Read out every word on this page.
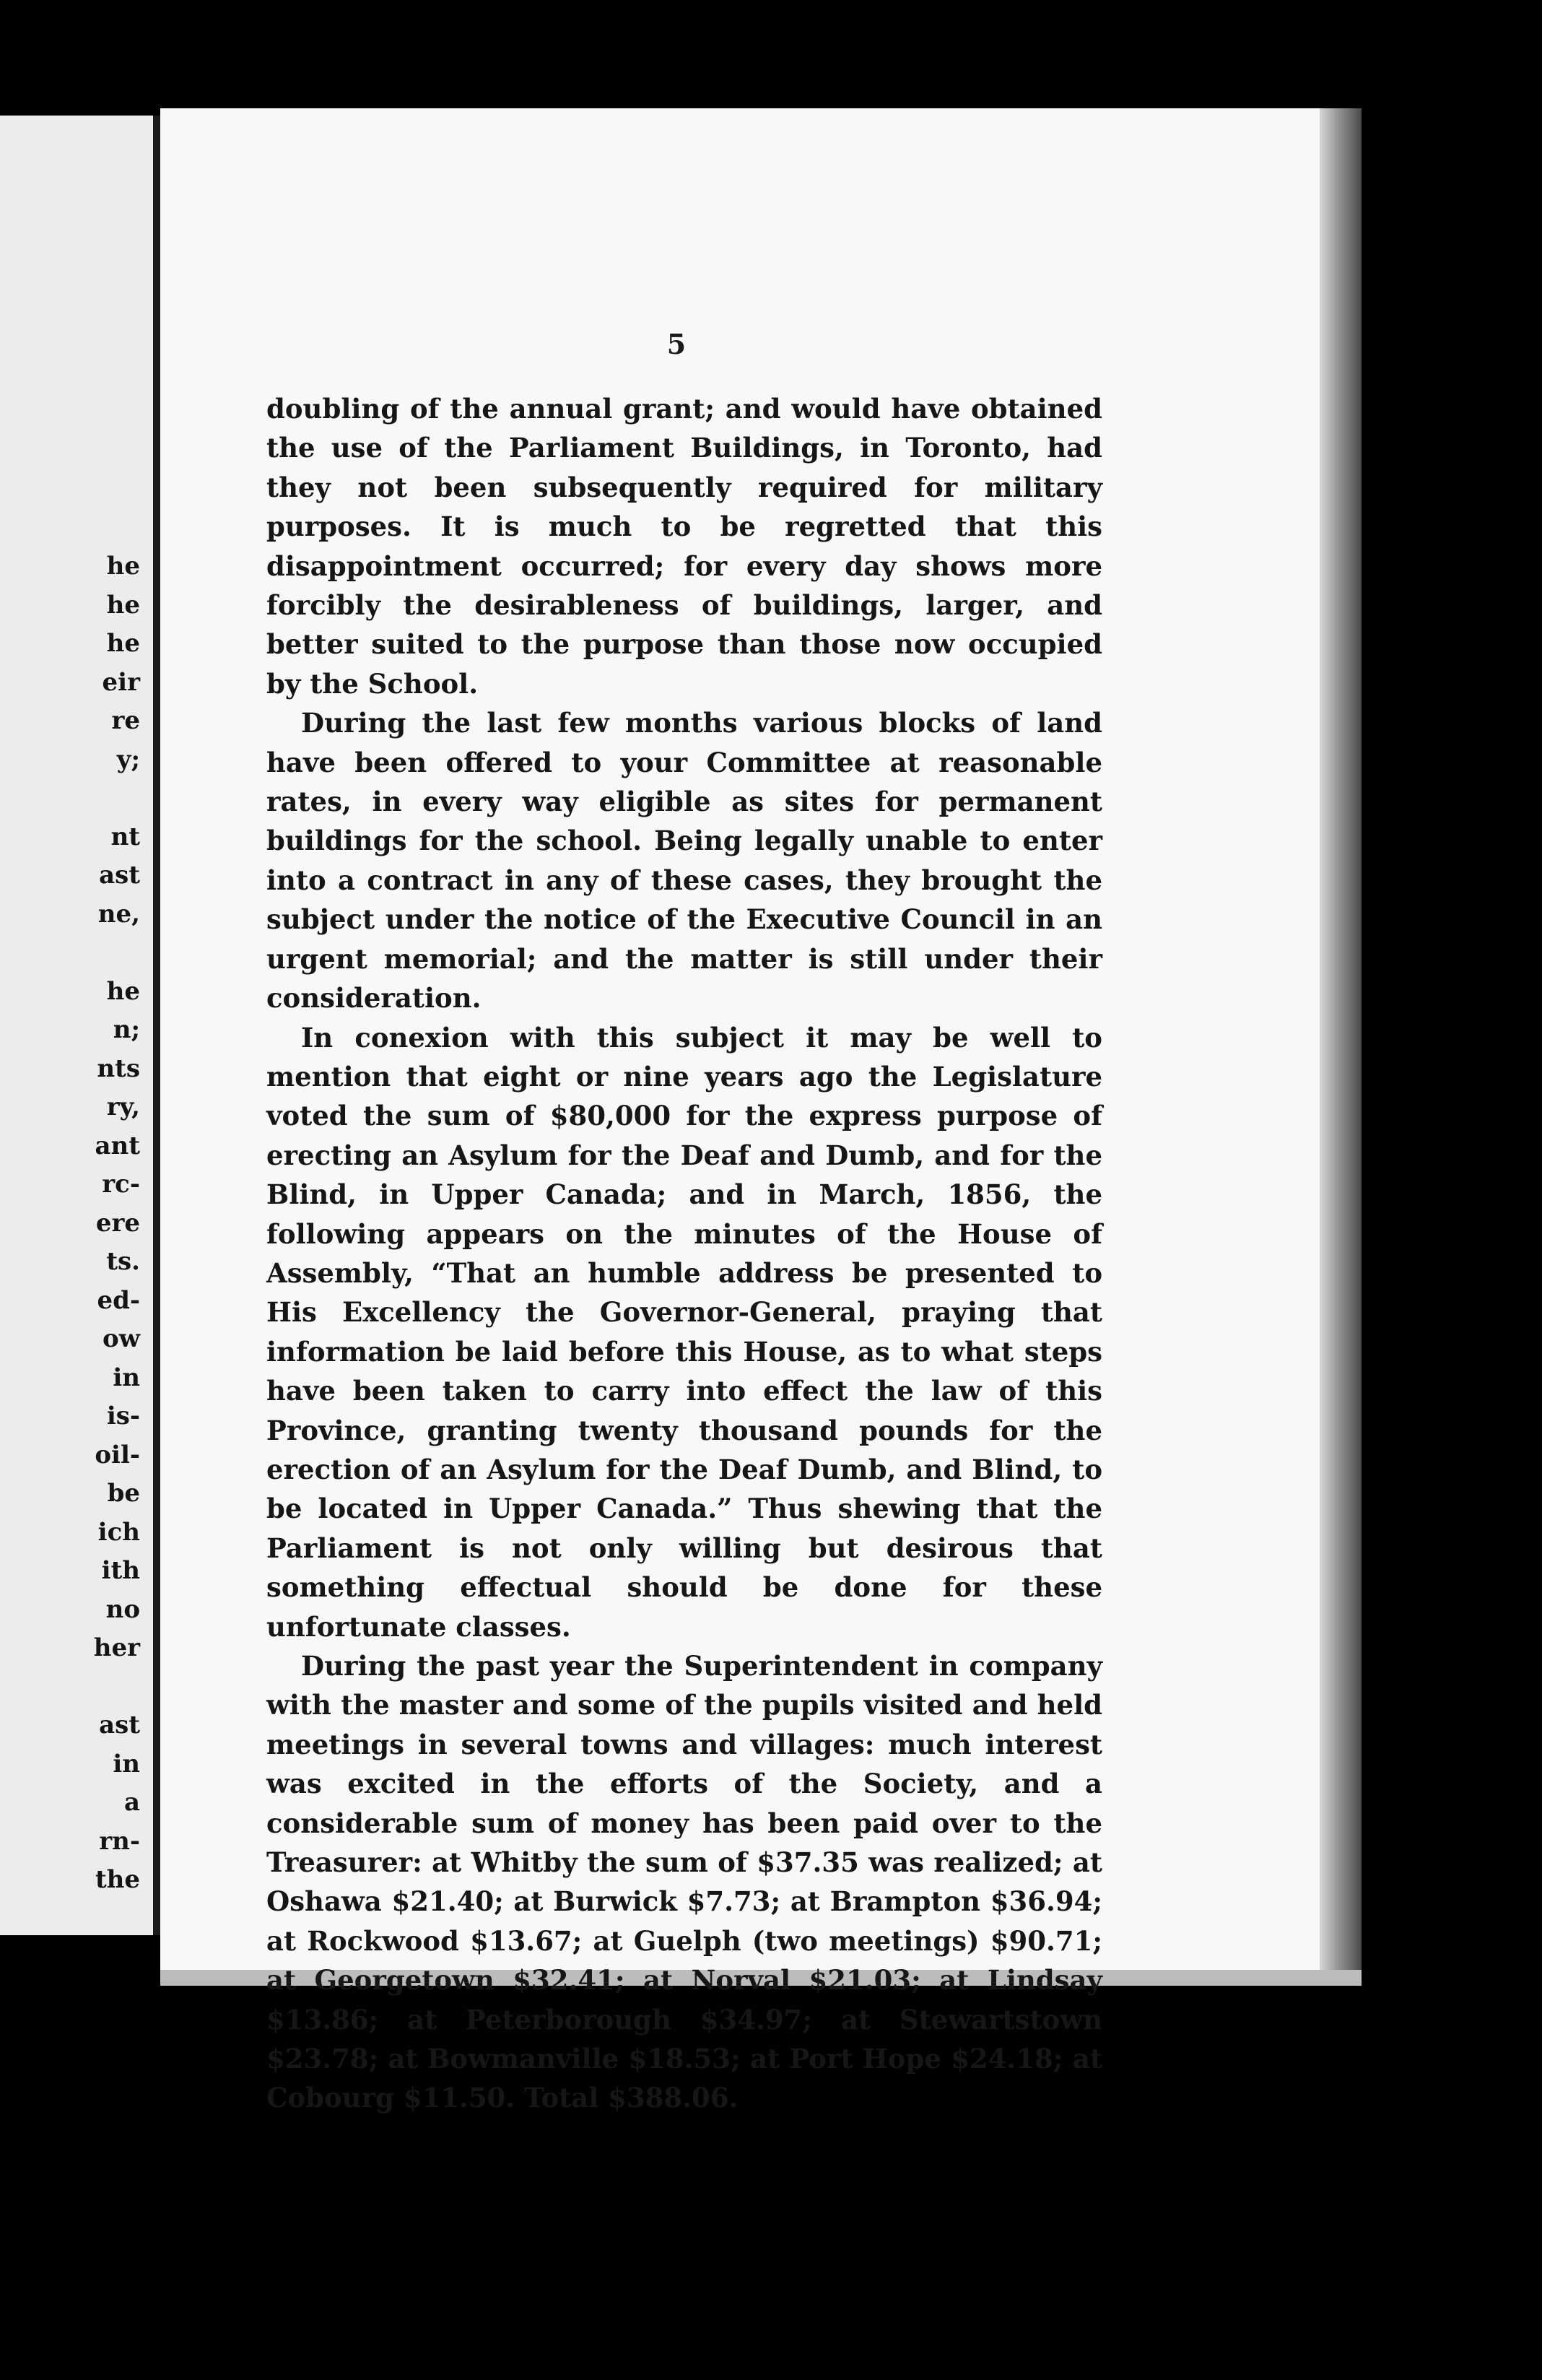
he
he
he
eir
re
y;
nt
ast
ne,
he
n;
nts
ry,
ant
rc-
ere
ts.
ed-
ow
in
is-
oil-
be
ich
ith
no
her
ast
in
a
rn-
the
5

doubling of the annual grant; and would have obtained the use of the Parliament Buildings, in Toronto, had they not been subsequently required for military purposes. It is much to be regretted that this disappointment occurred; for every day shows more forcibly the desirableness of buildings, larger, and better suited to the purpose than those now occupied by the School.

During the last few months various blocks of land have been offered to your Committee at reasonable rates, in every way eligible as sites for permanent buildings for the school. Being legally unable to enter into a contract in any of these cases, they brought the subject under the notice of the Executive Council in an urgent memorial; and the matter is still under their consideration.

In conexion with this subject it may be well to mention that eight or nine years ago the Legislature voted the sum of $80,000 for the express purpose of erecting an Asylum for the Deaf and Dumb, and for the Blind, in Upper Canada; and in March, 1856, the following appears on the minutes of the House of Assembly, “That an humble address be presented to His Excellency the Governor-General, praying that information be laid before this House, as to what steps have been taken to carry into effect the law of this Province, granting twenty thousand pounds for the erection of an Asylum for the Deaf Dumb, and Blind, to be located in Upper Canada.” Thus shewing that the Parliament is not only willing but desirous that something effectual should be done for these unfortunate classes.

During the past year the Superintendent in company with the master and some of the pupils visited and held meetings in several towns and villages: much interest was excited in the efforts of the Society, and a considerable sum of money has been paid over to the Treasurer: at Whitby the sum of $37.35 was realized; at Oshawa $21.40; at Burwick $7.73; at Brampton $36.94; at Rockwood $13.67; at Guelph (two meetings) $90.71; at Georgetown $32.41; at Norval $21.03; at Lindsay $13.86; at Peterborough $34.97; at Stewartstown $23.78; at Bowmanville $18.53; at Port Hope $24.18; at Cobourg $11.50. Total $388.06.
